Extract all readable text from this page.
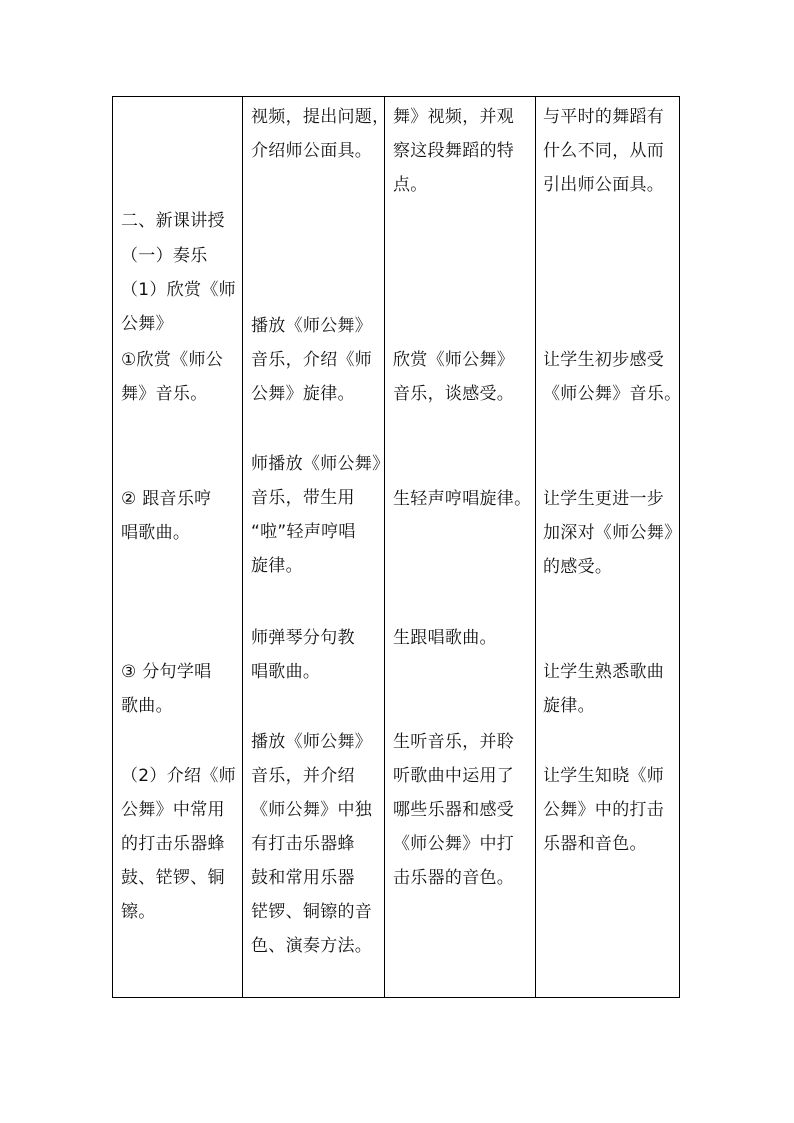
二、新课讲授
（一）奏乐
（1）欣赏《师
公舞》
①欣赏《师公
舞》音乐。
② 跟音乐哼
唱歌曲。
③ 分句学唱
歌曲。
（2）介绍《师
公舞》中常用
的打击乐器蜂
鼓、铓锣、铜
镲。
视频，提出问题，
介绍师公面具。
播放《师公舞》
音乐，介绍《师
公舞》旋律。
师播放《师公舞》
音乐，带生用
“啦”轻声哼唱
旋律。
师弹琴分句教
唱歌曲。
播放《师公舞》
音乐，并介绍
《师公舞》中独
有打击乐器蜂
鼓和常用乐器
铓锣、铜镲的音
色、演奏方法。
舞》视频，并观
察这段舞蹈的特
点。
欣赏《师公舞》
音乐，谈感受。
生轻声哼唱旋律。
生跟唱歌曲。
生听音乐，并聆
听歌曲中运用了
哪些乐器和感受
《师公舞》中打
击乐器的音色。
与平时的舞蹈有
什么不同，从而
引出师公面具。
让学生初步感受
《师公舞》音乐。
让学生更进一步
加深对《师公舞》
的感受。
让学生熟悉歌曲
旋律。
让学生知晓《师
公舞》中的打击
乐器和音色。
